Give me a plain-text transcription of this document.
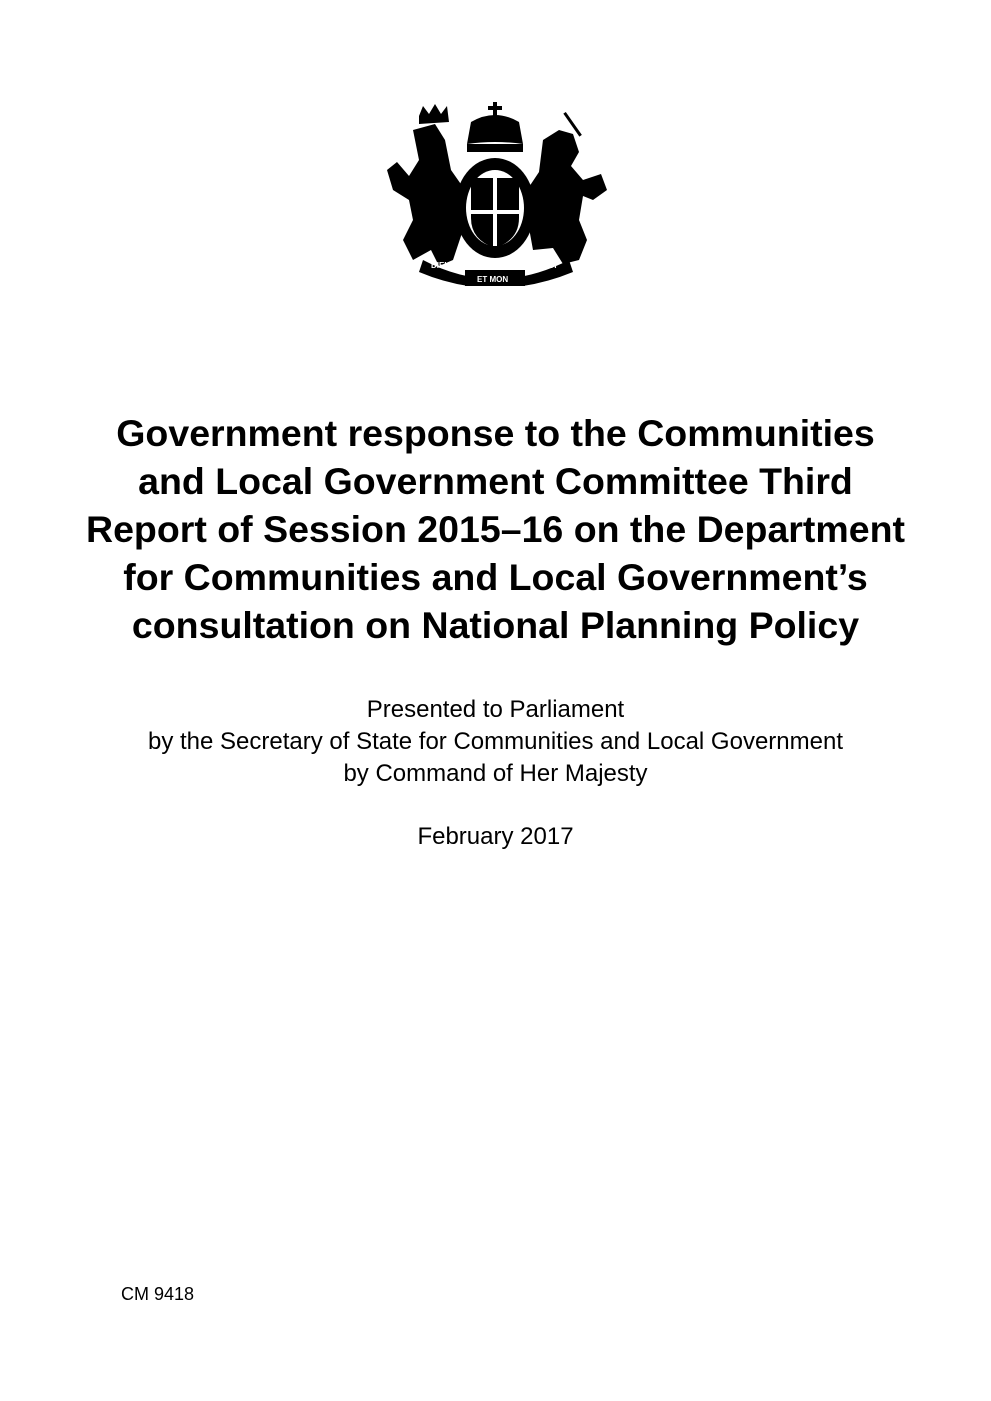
ET MON
DIEU	DROIT
Government response to the Communities
and Local Government Committee Third
Report of Session 2015–16 on the Department
for Communities and Local Government’s
consultation on National Planning Policy
Presented to Parliament
by the Secretary of State for Communities and Local Government
by Command of Her Majesty
February 2017
CM 9418
